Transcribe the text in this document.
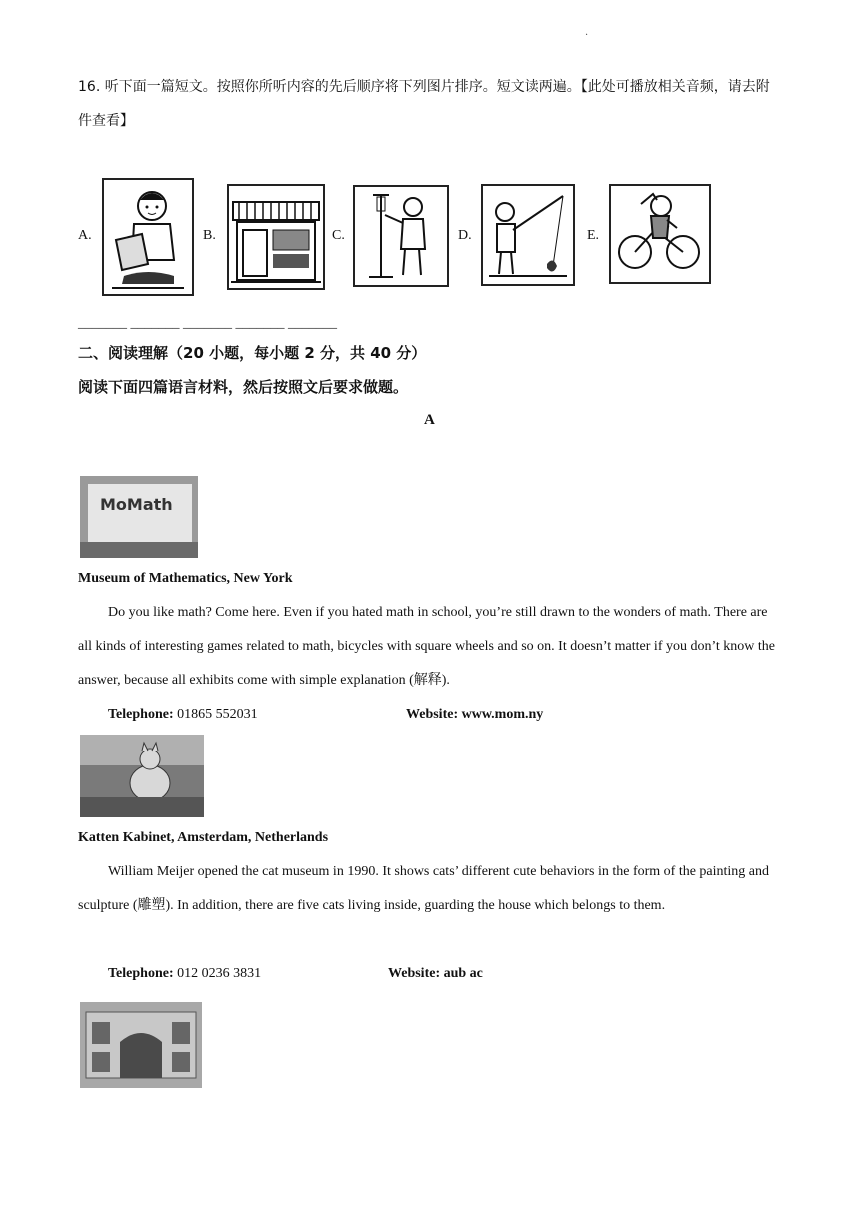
·
16. 听下面一篇短文。按照你所听内容的先后顺序将下列图片排序。短文读两遍。【此处可播放相关音频，请去附件查看】
A.	B.	C.	D.	E.
_______ _______ _______ _______ _______
二、阅读理解（20 小题，每小题 2 分，共 40 分）
阅读下面四篇语言材料，然后按照文后要求做题。
A
MoMath
Museum of Mathematics, New York
Do you like math? Come here. Even if you hated math in school, you’re still drawn to the wonders of math. There are all kinds of interesting games related to math, bicycles with square wheels and so on. It doesn’t matter if you don’t know the answer, because all exhibits come with simple explanation (解释).
Telephone: 01865 552031	Website: www.mom.ny
Katten Kabinet, Amsterdam, Netherlands
William Meijer opened the cat museum in 1990. It shows cats’ different cute behaviors in the form of the painting and sculpture (雕塑). In addition, there are five cats living inside, guarding the house which belongs to them.
Telephone: 012 0236 3831	Website: aub ac
